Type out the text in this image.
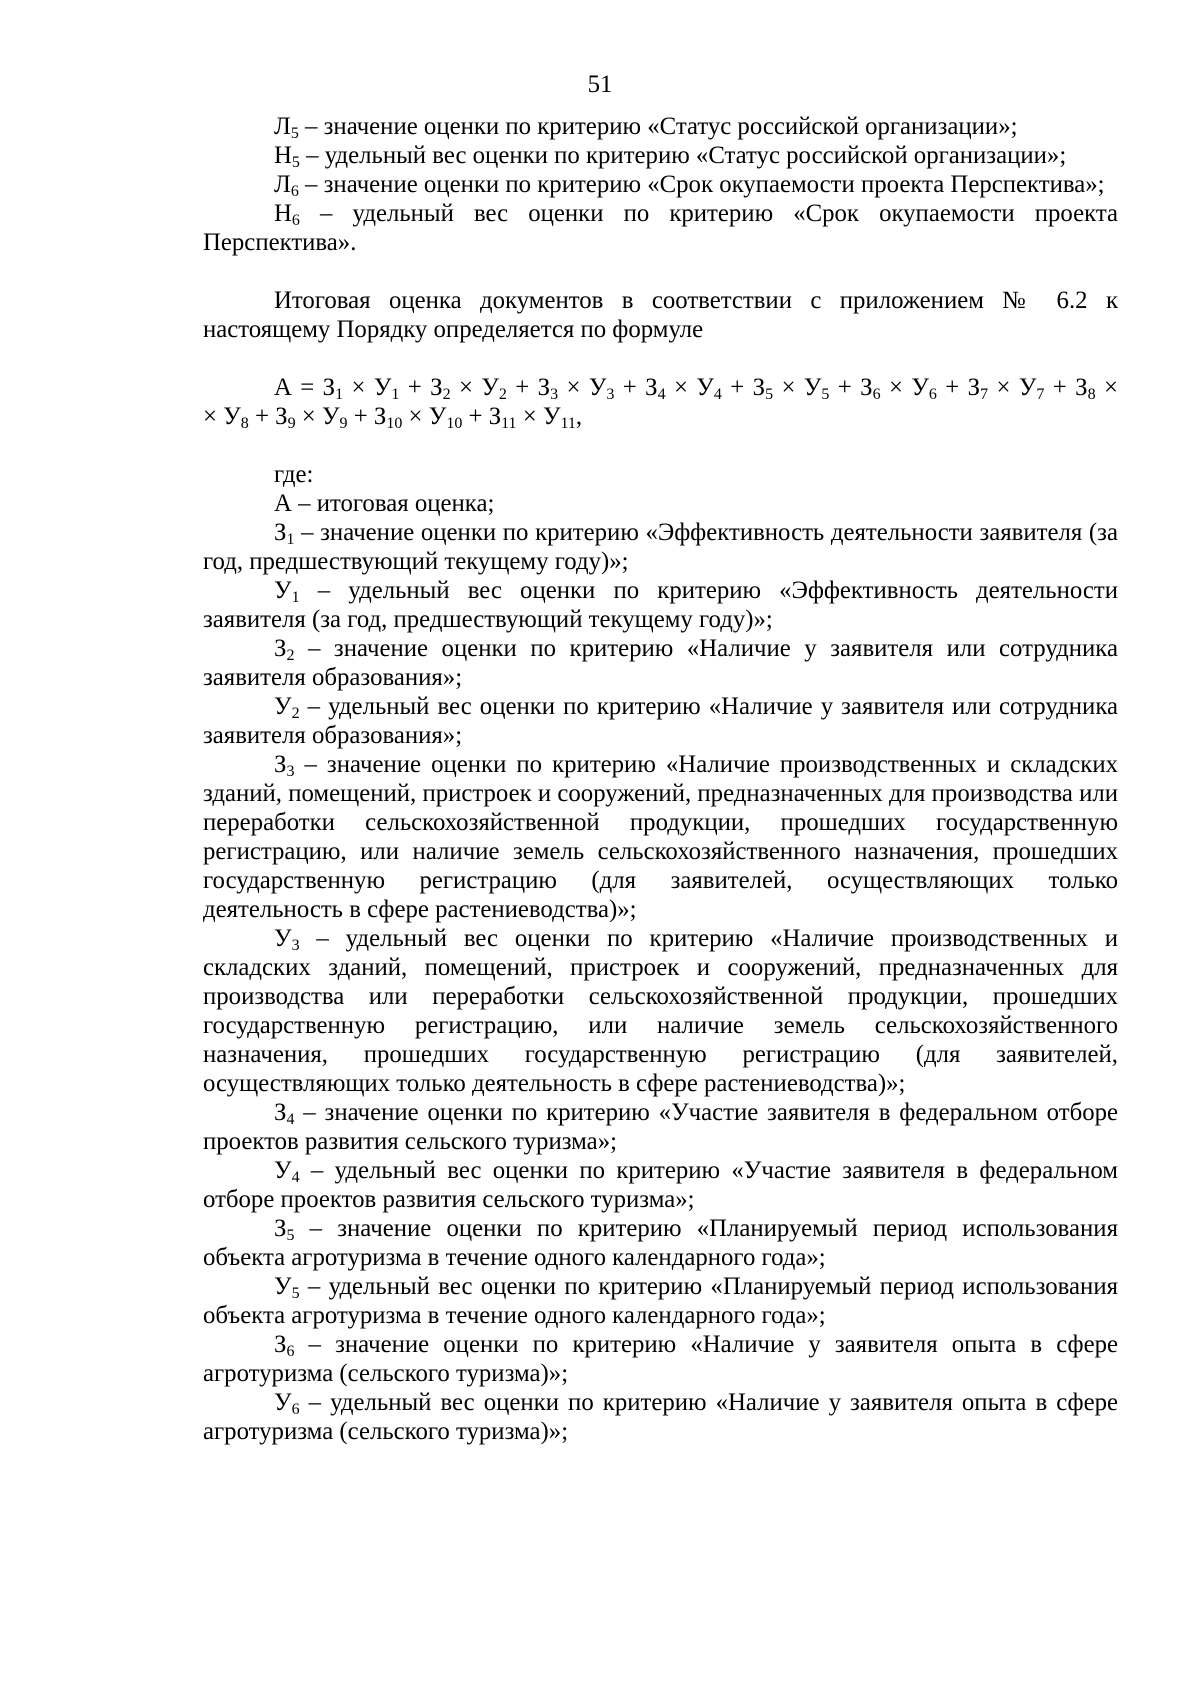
51

$Л_5$ – значение оценки по критерию «Статус российской организации»;

$Н_5$ – удельный вес оценки по критерию «Статус российской организации»;

$Л_6$ – значение оценки по критерию «Срок окупаемости проекта Перспектива»;

$Н_6$ – удельный вес оценки по критерию «Срок окупаемости проекта Перспектива».

Итоговая оценка документов в соответствии с приложением № 6.2 к настоящему Порядку определяется по формуле

$А = З_1 \times У_1 + З_2 \times У_2 + З_3 \times У_3 + З_4 \times У_4 + З_5 \times У_5 + З_6 \times У_6 + З_7 \times У_7 + З_8$ ×

× $У_8 + З_9 \times У_9 + З_{10} \times У_{10} + З_{11} \times У_{11}$,

где:

А – итоговая оценка;

$З_1$ – значение оценки по критерию «Эффективность деятельности заявителя (за год, предшествующий текущему году)»;

$У_1$ – удельный вес оценки по критерию «Эффективность деятельности заявителя (за год, предшествующий текущему году)»;

$З_2$ – значение оценки по критерию «Наличие у заявителя или сотрудника заявителя образования»;

$У_2$ – удельный вес оценки по критерию «Наличие у заявителя или сотрудника заявителя образования»;

$З_3$ – значение оценки по критерию «Наличие производственных и складских зданий, помещений, пристроек и сооружений, предназначенных для производства или переработки сельскохозяйственной продукции, прошедших государственную регистрацию, или наличие земель сельскохозяйственного назначения, прошедших государственную регистрацию (для заявителей, осуществляющих только деятельность в сфере растениеводства)»;

$У_3$ – удельный вес оценки по критерию «Наличие производственных и складских зданий, помещений, пристроек и сооружений, предназначенных для производства или переработки сельскохозяйственной продукции, прошедших государственную регистрацию, или наличие земель сельскохозяйственного назначения, прошедших государственную регистрацию (для заявителей, осуществляющих только деятельность в сфере растениеводства)»;

$З_4$ – значение оценки по критерию «Участие заявителя в федеральном отборе проектов развития сельского туризма»;

$У_4$ – удельный вес оценки по критерию «Участие заявителя в федеральном отборе проектов развития сельского туризма»;

$З_5$ – значение оценки по критерию «Планируемый период использования объекта агротуризма в течение одного календарного года»;

$У_5$ – удельный вес оценки по критерию «Планируемый период использования объекта агротуризма в течение одного календарного года»;

$З_6$ – значение оценки по критерию «Наличие у заявителя опыта в сфере агротуризма (сельского туризма)»;

$У_6$ – удельный вес оценки по критерию «Наличие у заявителя опыта в сфере агротуризма (сельского туризма)»;
